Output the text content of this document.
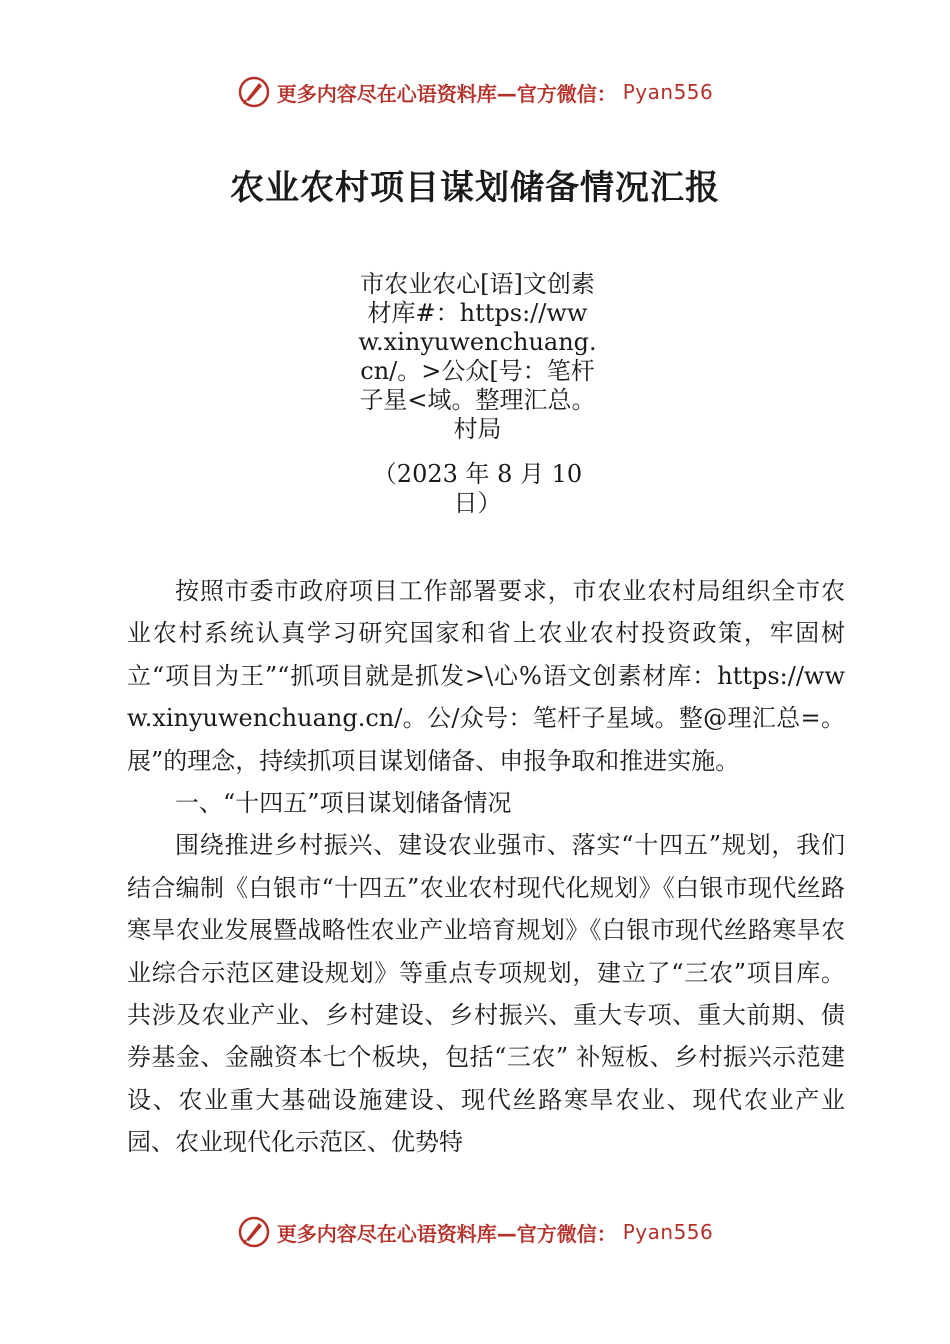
更多内容尽在心语资料库—官方微信： Pyan556
农业农村项目谋划储备情况汇报
市农业农心[语]文创素材库#：https://www.xinyuwenchuang.cn/。>公众[号：笔杆子星<域。整理汇总。村局
（2023 年 8 月 10 日）

按照市委市政府项目工作部署要求，市农业农村局组织全市农业农村系统认真学习研究国家和省上农业农村投资政策，牢固树立“项目为王”“抓项目就是抓发>\心%语文创素材库：https://www.xinyuwenchuang.cn/。公/众号：笔杆子星域。整@理汇总=。展”的理念，持续抓项目谋划储备、申报争取和推进实施。

一、“十四五”项目谋划储备情况

围绕推进乡村振兴、建设农业强市、落实“十四五”规划，我们结合编制《白银市“十四五”农业农村现代化规划》《白银市现代丝路寒旱农业发展暨战略性农业产业培育规划》《白银市现代丝路寒旱农业综合示范区建设规划》等重点专项规划，建立了“三农”项目库。共涉及农业产业、乡村建设、乡村振兴、重大专项、重大前期、债券基金、金融资本七个板块，包括“三农” 补短板、乡村振兴示范建设、农业重大基础设施建设、现代丝路寒旱农业、现代农业产业园、农业现代化示范区、优势特

更多内容尽在心语资料库—官方微信： Pyan556
